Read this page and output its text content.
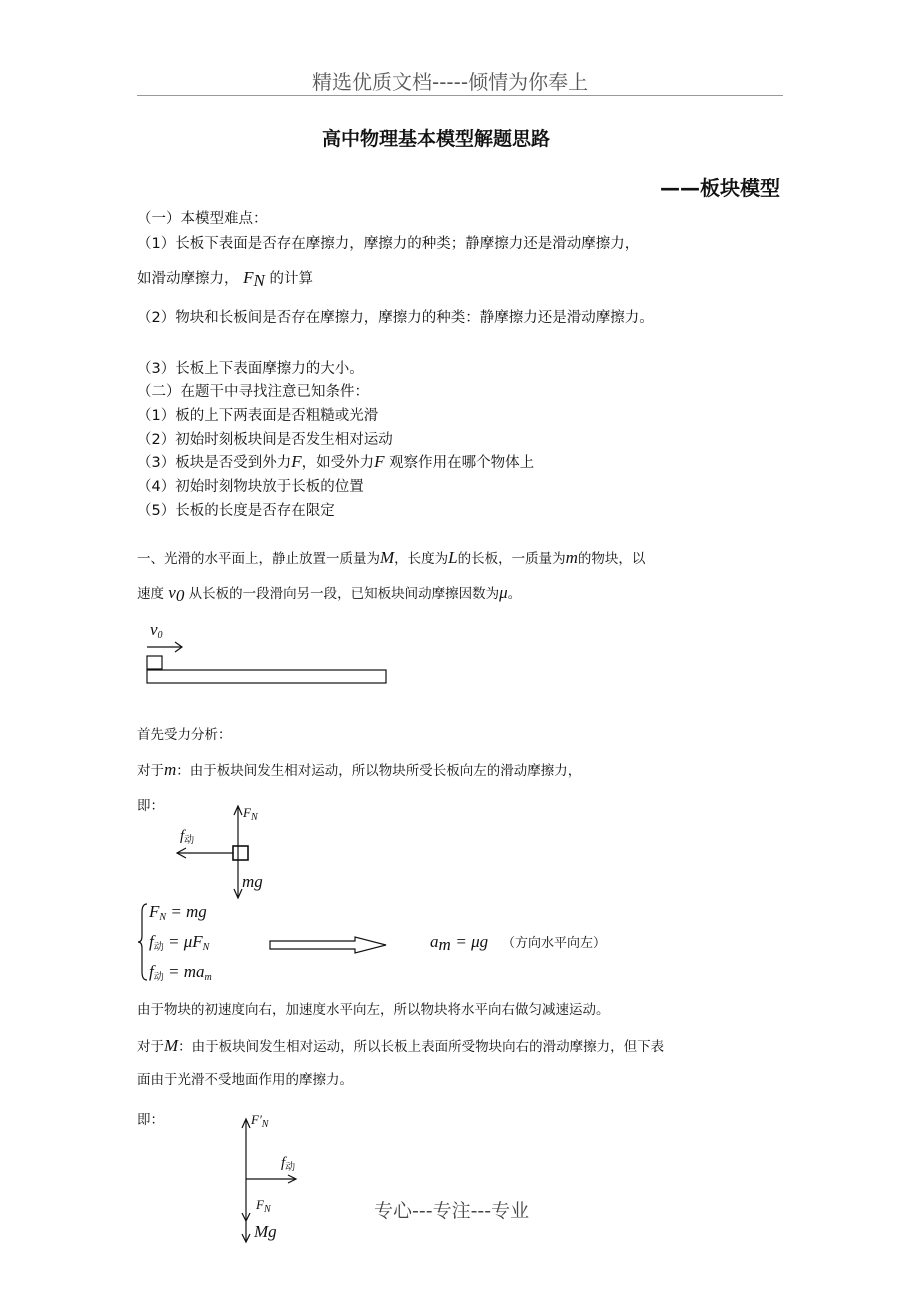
精选优质文档-----倾情为你奉上
高中物理基本模型解题思路
——板块模型
（一）本模型难点：
（1）长板下表面是否存在摩擦力，摩擦力的种类；静摩擦力还是滑动摩擦力，
如滑动摩擦力， $F_N$ 的计算
（2）物块和长板间是否存在摩擦力，摩擦力的种类：静摩擦力还是滑动摩擦力。
（3）长板上下表面摩擦力的大小。
（二）在题干中寻找注意已知条件：
（1）板的上下两表面是否粗糙或光滑
（2）初始时刻板块间是否发生相对运动
（3）板块是否受到外力F，如受外力F 观察作用在哪个物体上
（4）初始时刻物块放于长板的位置
（5）长板的长度是否存在限定
一、光滑的水平面上，静止放置一质量为M，长度为L的长板，一质量为m的物块，以
速度 $v_0$ 从长板的一段滑向另一段，已知板块间动摩擦因数为μ。
$v_0$
首先受力分析：
对于m：由于板块间发生相对运动，所以物块所受长板向左的滑动摩擦力，
即：	$F_N$
$f_动$
mg
$F_N$ = mg
$f_动 = \mu F_N$
$f_动 = ma_m$
$a_m = \mu g$ （方向水平向左）
由于物块的初速度向右，加速度水平向左，所以物块将水平向右做匀减速运动。
对于M：由于板块间发生相对运动，所以长板上表面所受物块向右的滑动摩擦力，但下表
面由于光滑不受地面作用的摩擦力。
即：	$F'_N$
$f_动$
$F_N$
Mg
专心---专注---专业
